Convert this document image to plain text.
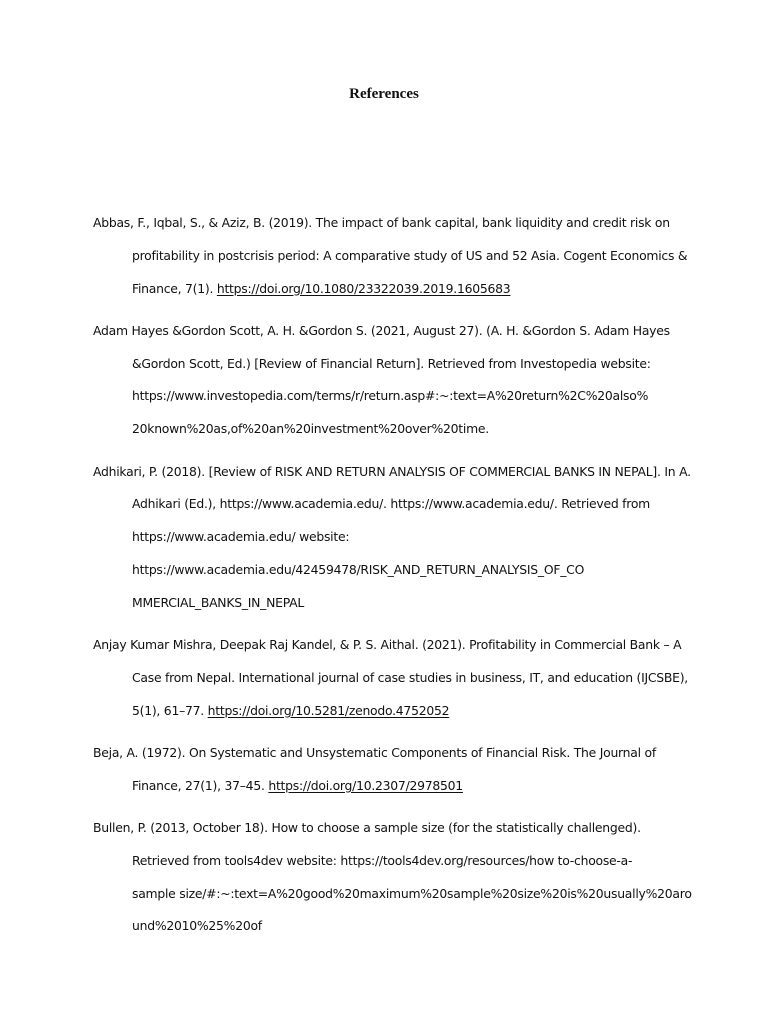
References
Abbas, F., Iqbal, S., & Aziz, B. (2019). The impact of bank capital, bank liquidity and credit risk on
profitability in postcrisis period: A comparative study of US and 52 Asia. Cogent Economics &
Finance, 7(1). https://doi.org/10.1080/23322039.2019.1605683
Adam Hayes &Gordon Scott, A. H. &Gordon S. (2021, August 27). (A. H. &Gordon S. Adam Hayes
&Gordon Scott, Ed.) [Review of Financial Return]. Retrieved from Investopedia website:
https://www.investopedia.com/terms/r/return.asp#:~:text=A%20return%2C%20also%
20known%20as,of%20an%20investment%20over%20time.
Adhikari, P. (2018). [Review of RISK AND RETURN ANALYSIS OF COMMERCIAL BANKS IN NEPAL]. In A.
Adhikari (Ed.), https://www.academia.edu/. https://www.academia.edu/. Retrieved from
https://www.academia.edu/ website:
https://www.academia.edu/42459478/RISK_AND_RETURN_ANALYSIS_OF_CO
MMERCIAL_BANKS_IN_NEPAL
Anjay Kumar Mishra, Deepak Raj Kandel, & P. S. Aithal. (2021). Profitability in Commercial Bank – A
Case from Nepal. International journal of case studies in business, IT, and education (IJCSBE),
5(1), 61–77. https://doi.org/10.5281/zenodo.4752052
Beja, A. (1972). On Systematic and Unsystematic Components of Financial Risk. The Journal of
Finance, 27(1), 37–45. https://doi.org/10.2307/2978501
Bullen, P. (2013, October 18). How to choose a sample size (for the statistically challenged).
Retrieved from tools4dev website: https://tools4dev.org/resources/how to-choose-a-
sample size/#:~:text=A%20good%20maximum%20sample%20size%20is%20usually%20aro
und%2010%25%20of
